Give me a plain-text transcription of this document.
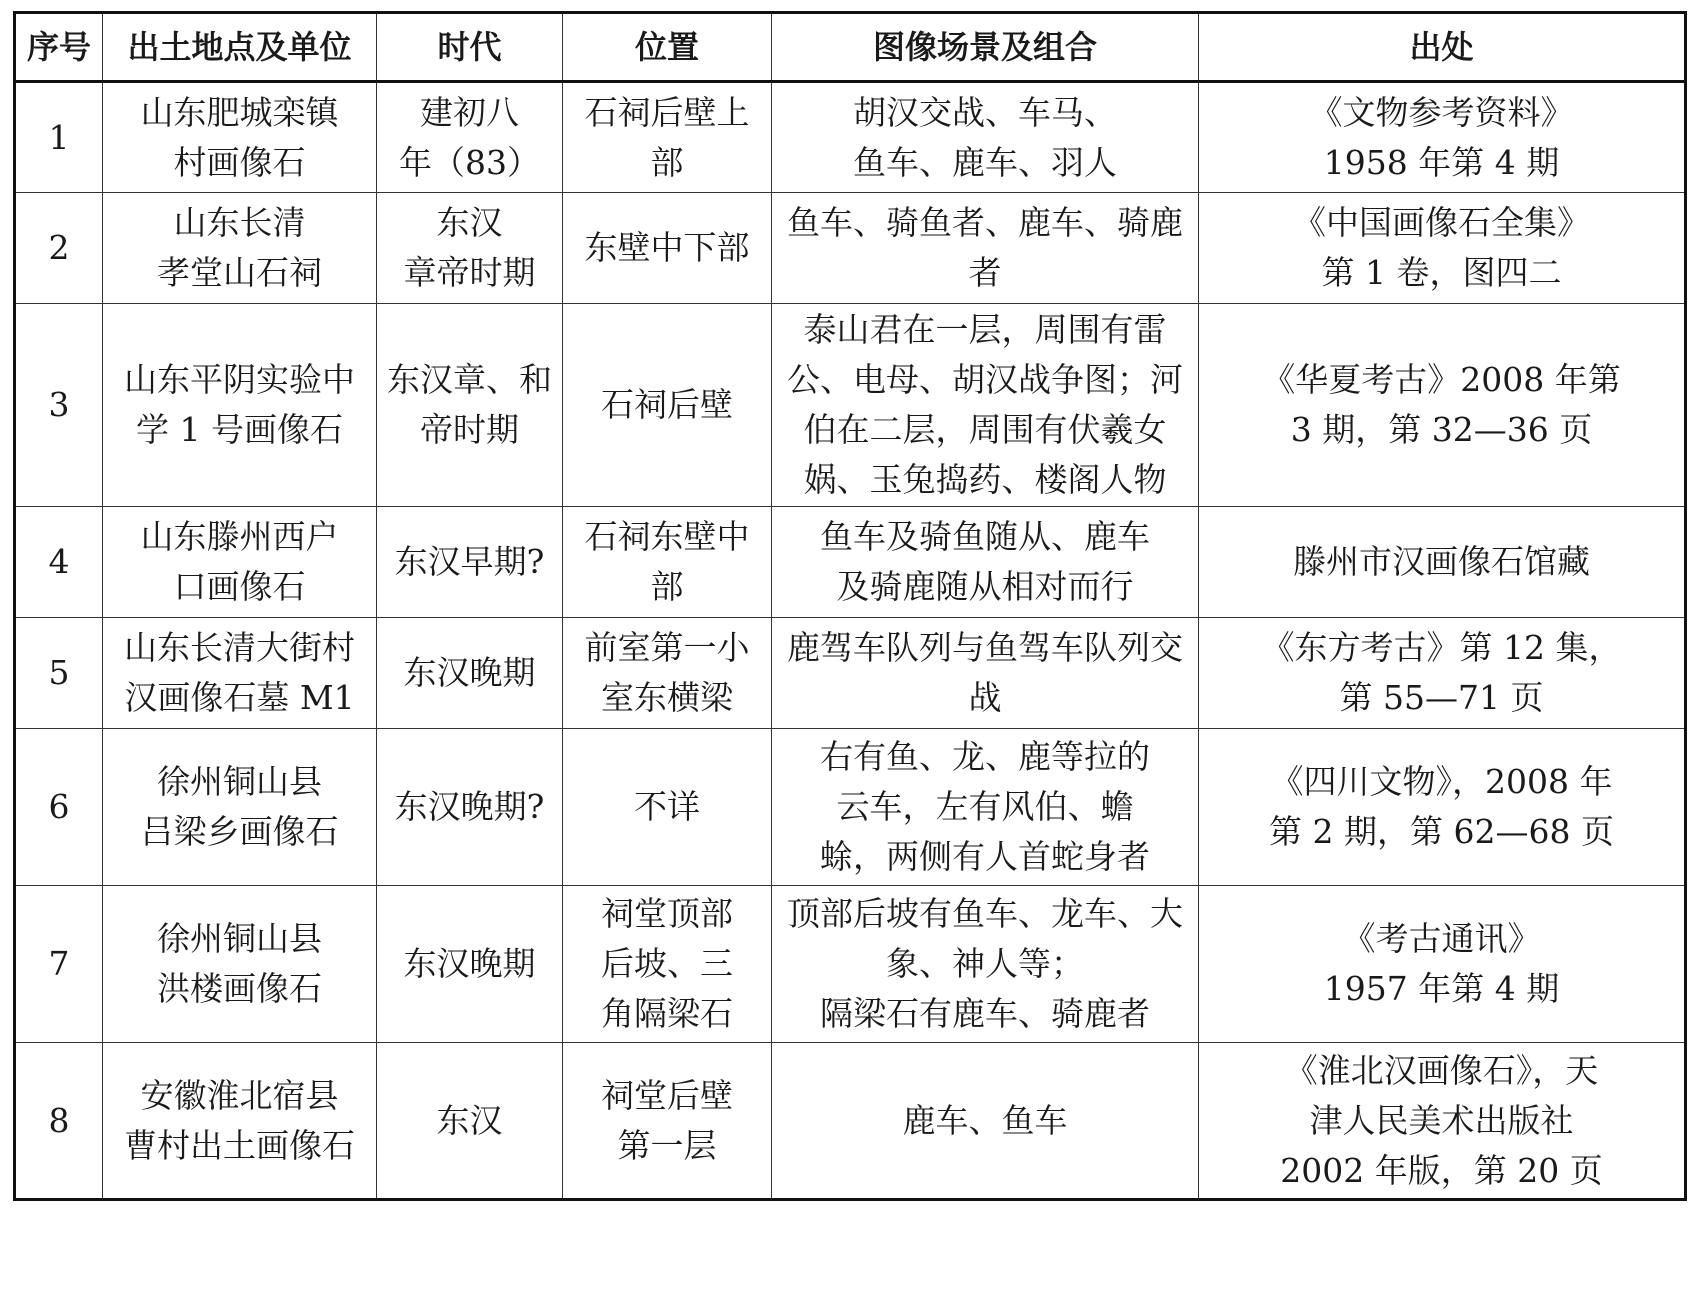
序号	出土地点及单位	时代	位置	图像场景及组合	出处
1	山东肥城栾镇
村画像石	建初八
年（83）	石祠后壁上部	胡汉交战、车马、
鱼车、鹿车、羽人	《文物参考资料》
1958 年第 4 期
2	山东长清
孝堂山石祠	东汉
章帝时期	东壁中下部	鱼车、骑鱼者、鹿车、骑鹿者	《中国画像石全集》
第 1 卷，图四二
3	山东平阴实验中
学 1 号画像石	东汉章、和
帝时期	石祠后壁	泰山君在一层，周围有雷
公、电母、胡汉战争图；河
伯在二层，周围有伏羲女
娲、玉兔捣药、楼阁人物	《华夏考古》2008 年第
3 期，第 32—36 页
4	山东滕州西户
口画像石	东汉早期?	石祠东壁中部	鱼车及骑鱼随从、鹿车
及骑鹿随从相对而行	滕州市汉画像石馆藏
5	山东长清大街村
汉画像石墓 M1	东汉晚期	前室第一小
室东横梁	鹿驾车队列与鱼驾车队列交战	《东方考古》第 12 集，
第 55—71 页
6	徐州铜山县
吕梁乡画像石	东汉晚期?	不详	右有鱼、龙、鹿等拉的
云车，左有风伯、蟾
蜍，两侧有人首蛇身者	《四川文物》，2008 年
第 2 期，第 62—68 页
7	徐州铜山县
洪楼画像石	东汉晚期	祠堂顶部
后坡、三
角隔梁石	顶部后坡有鱼车、龙车、大
象、神人等；
隔梁石有鹿车、骑鹿者	《考古通讯》
1957 年第 4 期
8	安徽淮北宿县
曹村出土画像石	东汉	祠堂后壁
第一层	鹿车、鱼车	《淮北汉画像石》，天
津人民美术出版社
2002 年版，第 20 页
